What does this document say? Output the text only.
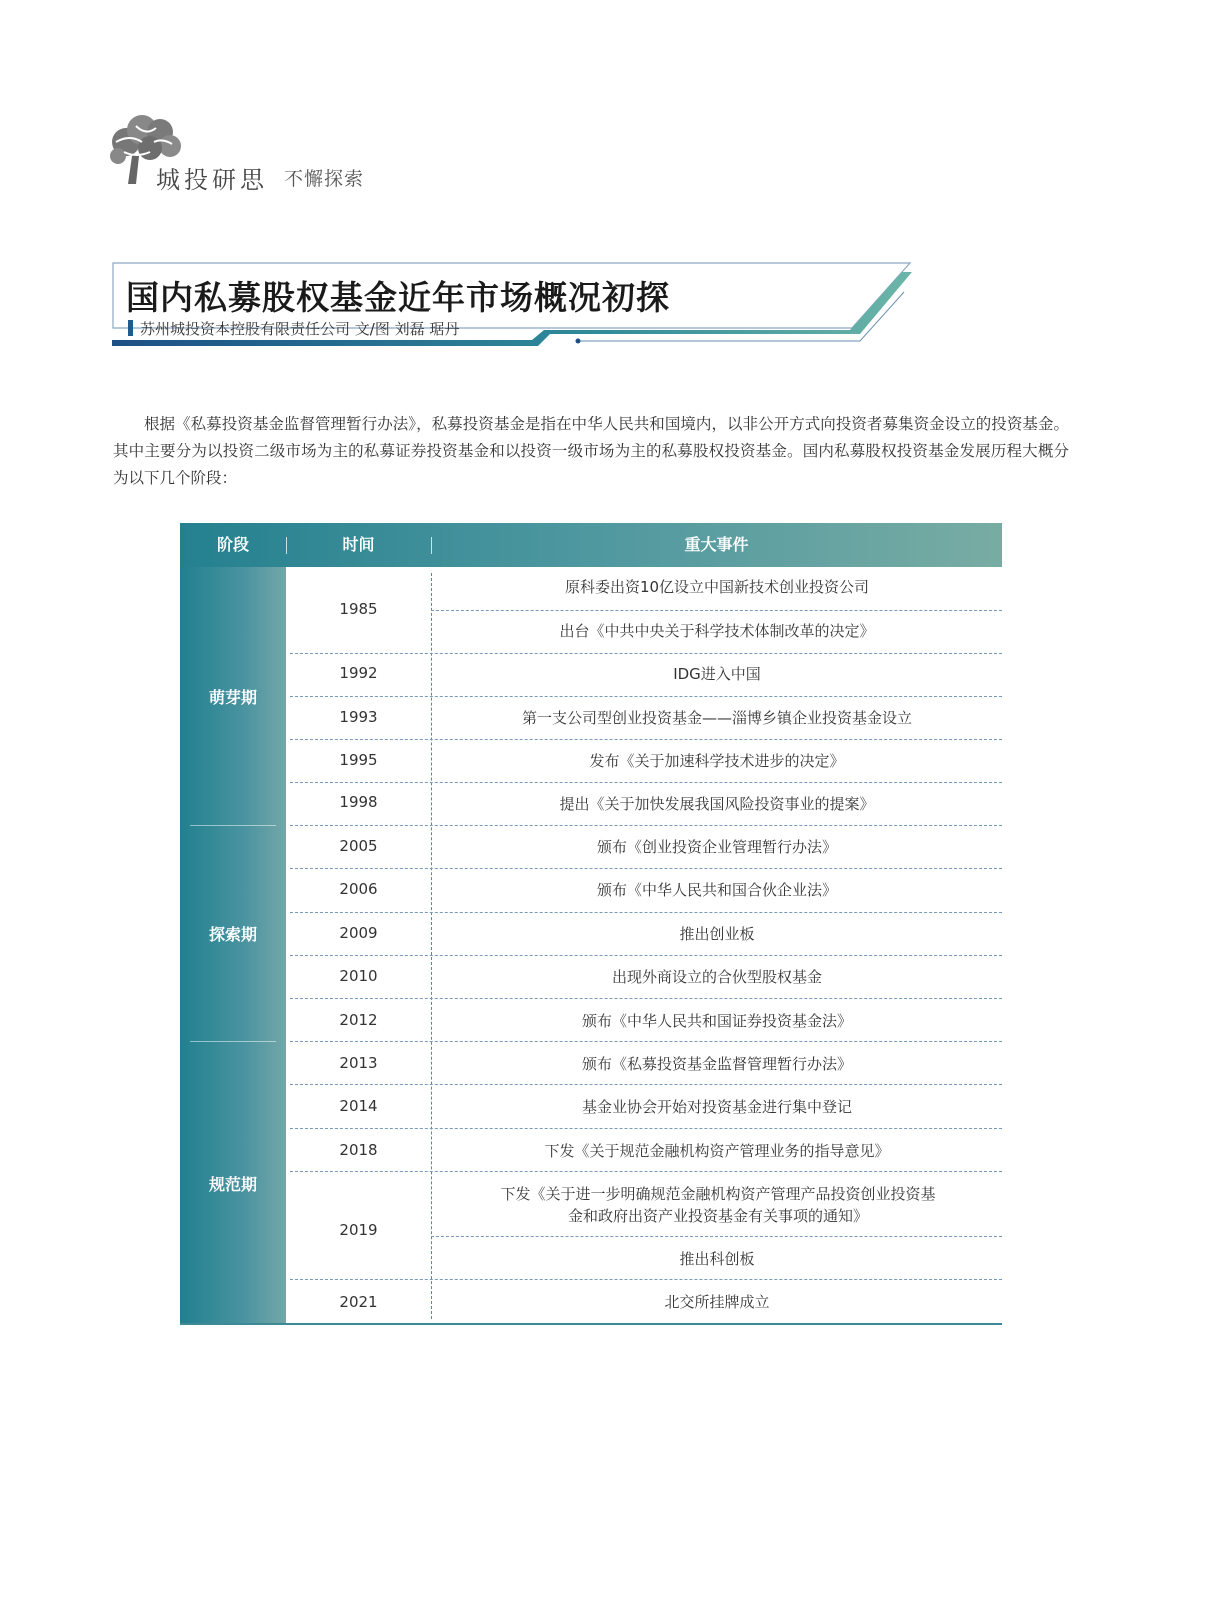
城投研思 不懈探索
国内私募股权基金近年市场概况初探
苏州城投资本控股有限责任公司 文/图 刘磊 琚丹
根据《私募投资基金监督管理暂行办法》，私募投资基金是指在中华人民共和国境内，以非公开方式向投资者募集资金设立的投资基金。其中主要分为以投资二级市场为主的私募证券投资基金和以投资一级市场为主的私募股权投资基金。国内私募股权投资基金发展历程大概分为以下几个阶段：
阶段	时间	重大事件
萌芽期
探索期
规范期
1985
1992
1993
1995
1998
2005
2006
2009
2010
2012
2013
2014
2018
2019
2021
原科委出资10亿设立中国新技术创业投资公司
出台《中共中央关于科学技术体制改革的决定》
IDG进入中国
第一支公司型创业投资基金——淄博乡镇企业投资基金设立
发布《关于加速科学技术进步的决定》
提出《关于加快发展我国风险投资事业的提案》
颁布《创业投资企业管理暂行办法》
颁布《中华人民共和国合伙企业法》
推出创业板
出现外商设立的合伙型股权基金
颁布《中华人民共和国证券投资基金法》
颁布《私募投资基金监督管理暂行办法》
基金业协会开始对投资基金进行集中登记
下发《关于规范金融机构资产管理业务的指导意见》
下发《关于进一步明确规范金融机构资产管理产品投资创业投资基金和政府出资产业投资基金有关事项的通知》
推出科创板
北交所挂牌成立
